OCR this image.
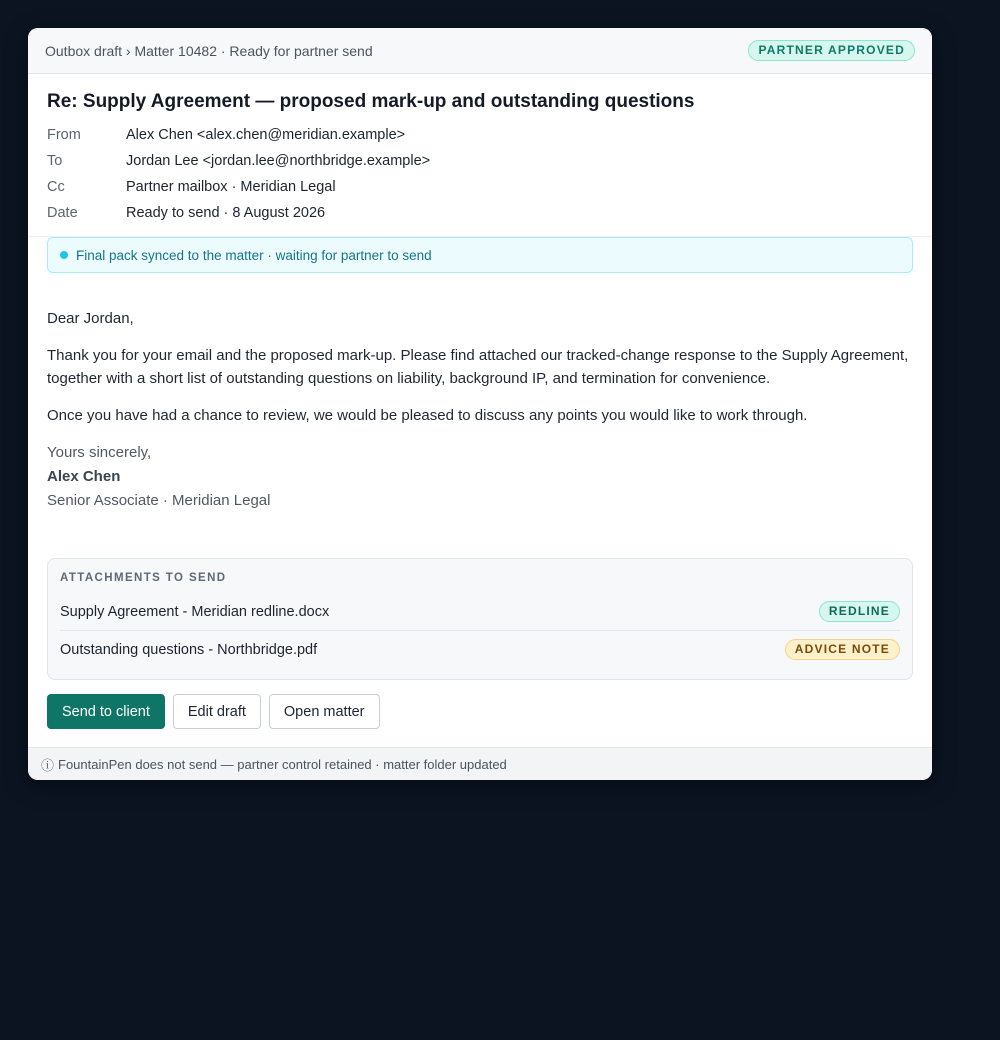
Outbox draft › Matter 10482 · Ready for partner send	PARTNER APPROVED
Re: Supply Agreement — proposed mark-up and outstanding questions
From	Alex Chen <alex.chen@meridian.example>
To	Jordan Lee <jordan.lee@northbridge.example>
Cc	Partner mailbox · Meridian Legal
Date	Ready to send · 8 August 2026
Final pack synced to the matter · waiting for partner to send

Dear Jordan,

Thank you for your email and the proposed mark-up. Please find attached our tracked-change response to the Supply Agreement, together with a short list of outstanding questions on liability, background IP, and termination for convenience.

Once you have had a chance to review, we would be pleased to discuss any points you would like to work through.

Yours sincerely,
Alex Chen
Senior Associate · Meridian Legal
ATTACHMENTS TO SEND
Supply Agreement - Meridian redline.docx	REDLINE
Outstanding questions - Northbridge.pdf	ADVICE NOTE
Send to client	Edit draft	Open matter
ⓘ FountainPen does not send — partner control retained · matter folder updated
